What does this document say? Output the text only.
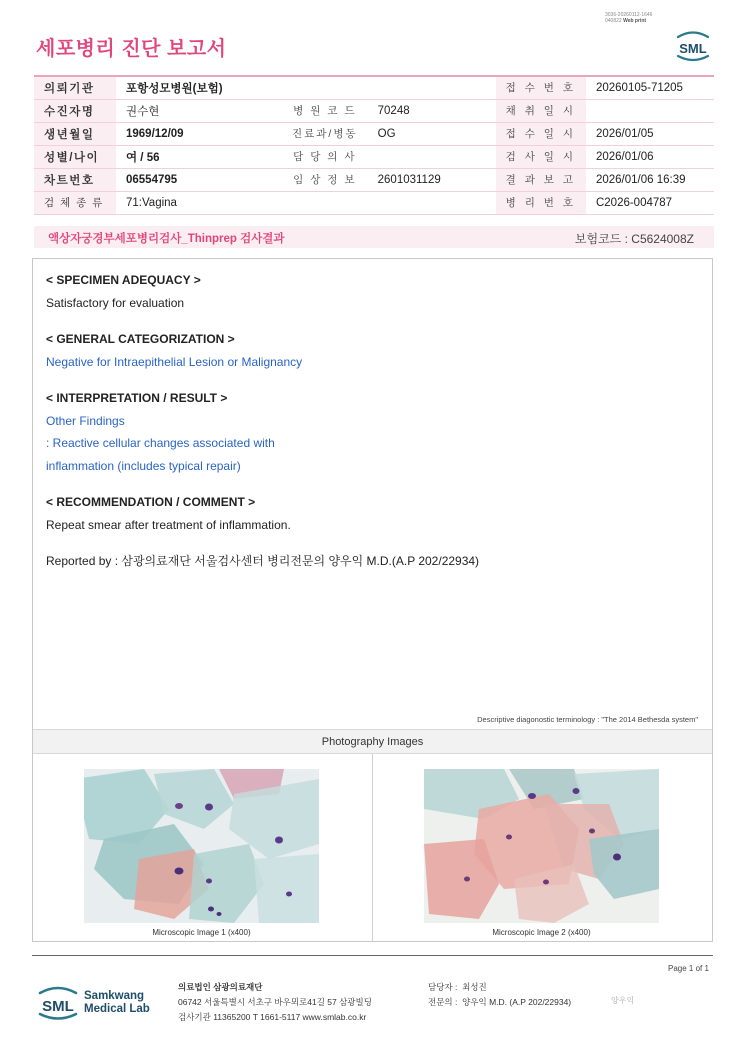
3036-20260112-1646
040822 Web print
세포병리 진단 보고서	SML
의뢰기관	포항성모병원(보험)			접 수 번 호	20260105-71205
수진자명	권수현	병 원 코 드	70248	채 취 일 시	
생년월일	1969/12/09	진료과/병동	OG	접 수 일 시	2026/01/05
성별/나이	여 / 56	담 당 의 사		검 사 일 시	2026/01/06
차트번호	06554795	임 상 정 보	2601031129	결 과 보 고	2026/01/06 16:39
검 체 종 류	71:Vagina			병 리 번 호	C2026-004787
액상자궁경부세포병리검사_Thinprep 검사결과	보험코드 : C5624008Z
< SPECIMEN ADEQUACY >
Satisfactory for evaluation
< GENERAL CATEGORIZATION >
Negative for Intraepithelial Lesion or Malignancy
< INTERPRETATION / RESULT >
Other Findings
: Reactive cellular changes associated with
inflammation (includes typical repair)
< RECOMMENDATION / COMMENT >
Repeat smear after treatment of inflammation.
Reported by : 삼광의료재단 서울검사센터 병리전문의 양우익 M.D.(A.P 202/22934)
Descriptive diagonostic terminology : "The 2014 Bethesda system"
Photography Images
Microscopic Image 1 (x400)	Microscopic Image 2 (x400)
Page 1 of 1
SML
Samkwang
Medical Lab
의료법인 삼광의료재단
06742 서울특별시 서초구 바우뫼로41길 57 삼광빌딩
검사기관 11365200 T 1661-5117 www.smlab.co.kr
담당자 : 최성진
전문의 : 양우익 M.D. (A.P 202/22934)	양우익
